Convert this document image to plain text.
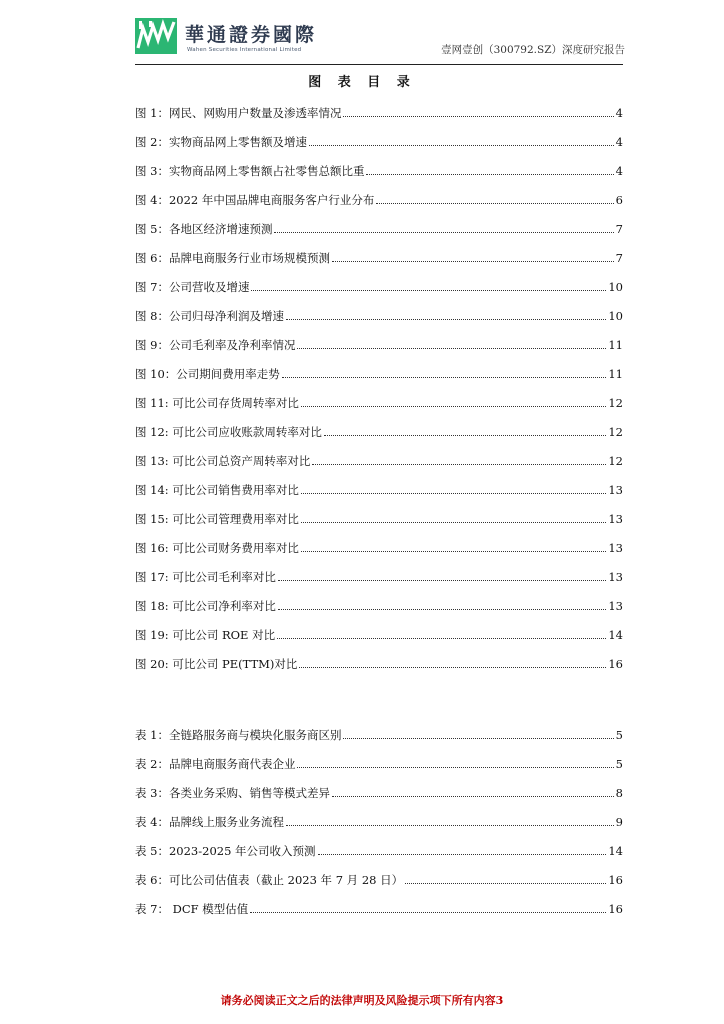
華通證券國際
Wahen Securities International Limited	壹网壹创（300792.SZ）深度研究报告
图 表 目 录
图 1：网民、网购用户数量及渗透率情况	4
图 2：实物商品网上零售额及增速	4
图 3：实物商品网上零售额占社零售总额比重	4
图 4：2022 年中国品牌电商服务客户行业分布	6
图 5：各地区经济增速预测	7
图 6：品牌电商服务行业市场规模预测	7
图 7：公司营收及增速	10
图 8：公司归母净利润及增速	10
图 9：公司毛利率及净利率情况	11
图 10：公司期间费用率走势	11
图 11: 可比公司存货周转率对比	12
图 12: 可比公司应收账款周转率对比	12
图 13: 可比公司总资产周转率对比	12
图 14: 可比公司销售费用率对比	13
图 15: 可比公司管理费用率对比	13
图 16: 可比公司财务费用率对比	13
图 17: 可比公司毛利率对比	13
图 18: 可比公司净利率对比	13
图 19: 可比公司 ROE 对比	14
图 20: 可比公司 PE(TTM)对比	16
表 1：全链路服务商与模块化服务商区别	5
表 2：品牌电商服务商代表企业	5
表 3：各类业务采购、销售等模式差异	8
表 4：品牌线上服务业务流程	9
表 5：2023-2025 年公司收入预测	14
表 6：可比公司估值表（截止 2023 年 7 月 28 日）	16
表 7： DCF 模型估值	16
请务必阅读正文之后的法律声明及风险提示项下所有内容3
